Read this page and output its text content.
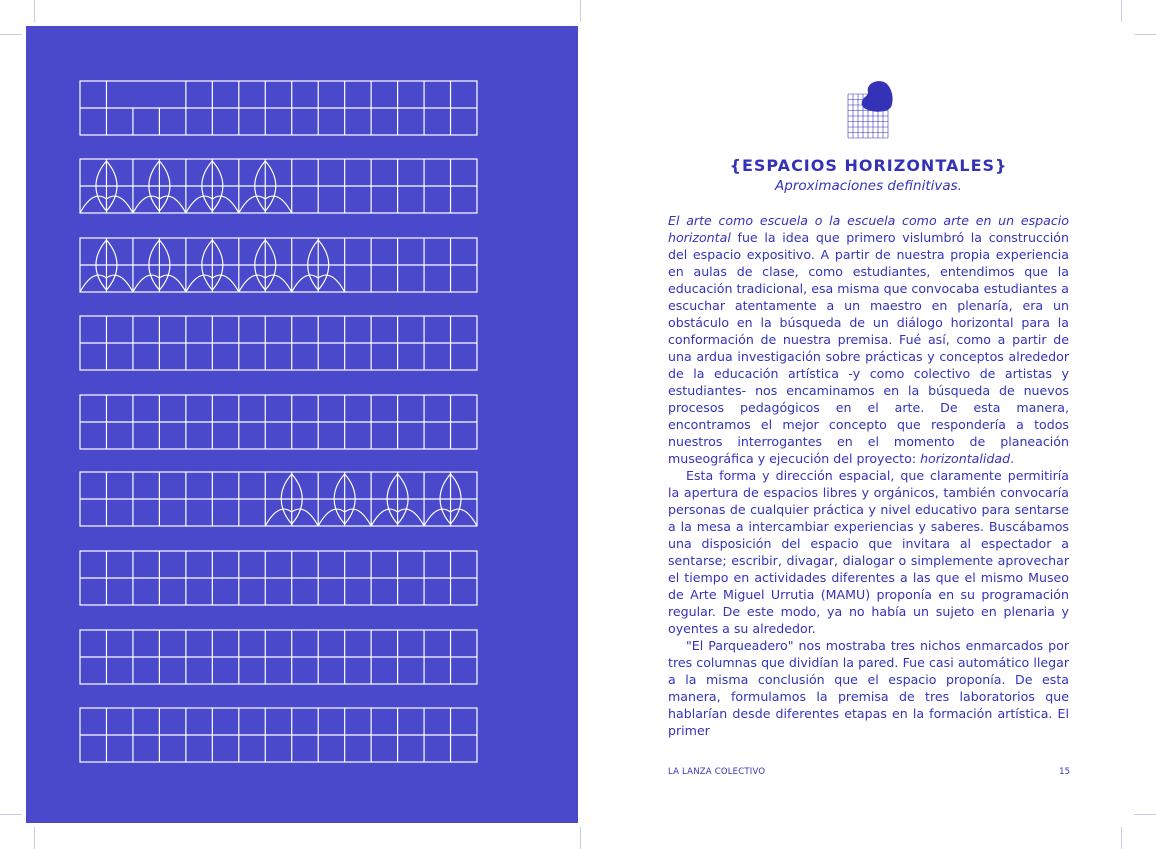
{ESPACIOS HORIZONTALES}
Aproximaciones definitivas.

El arte como escuela o la escuela como arte en un espacio horizontal fue la idea que primero vislumbró la construcción del espacio expositivo. A partir de nuestra propia experiencia en aulas de clase, como estudiantes, entendimos que la educación tradicional, esa misma que convocaba estudiantes a escuchar atentamente a un maestro en plenaría, era un obstáculo en la búsqueda de un diálogo horizontal para la conformación de nuestra premisa. Fué así, como a partir de una ardua investigación sobre prácticas y conceptos alrededor de la educación artística -y como colectivo de artistas y estudiantes- nos encaminamos en la búsqueda de nuevos procesos pedagógicos en el arte. De esta manera, encontramos el mejor concepto que respondería a todos nuestros interrogantes en el momento de planeación museográfica y ejecución del proyecto: horizontalidad.

Esta forma y dirección espacial, que claramente permitiría la apertura de espacios libres y orgánicos, también convocaría personas de cualquier práctica y nivel educativo para sentarse a la mesa a intercambiar experiencias y saberes. Buscábamos una disposición del espacio que invitara al espectador a sentarse; escribir, divagar, dialogar o simplemente aprovechar el tiempo en actividades diferentes a las que el mismo Museo de Arte Miguel Urrutia (MAMU) proponía en su programación regular. De este modo, ya no había un sujeto en plenaria y oyentes a su alrededor.

"El Parqueadero" nos mostraba tres nichos enmarcados por tres columnas que dividían la pared. Fue casi automático llegar a la misma conclusión que el espacio proponía. De esta manera, formulamos la premisa de tres laboratorios que hablarían desde diferentes etapas en la formación artística. El primer

LA LANZA COLECTIVO	15
